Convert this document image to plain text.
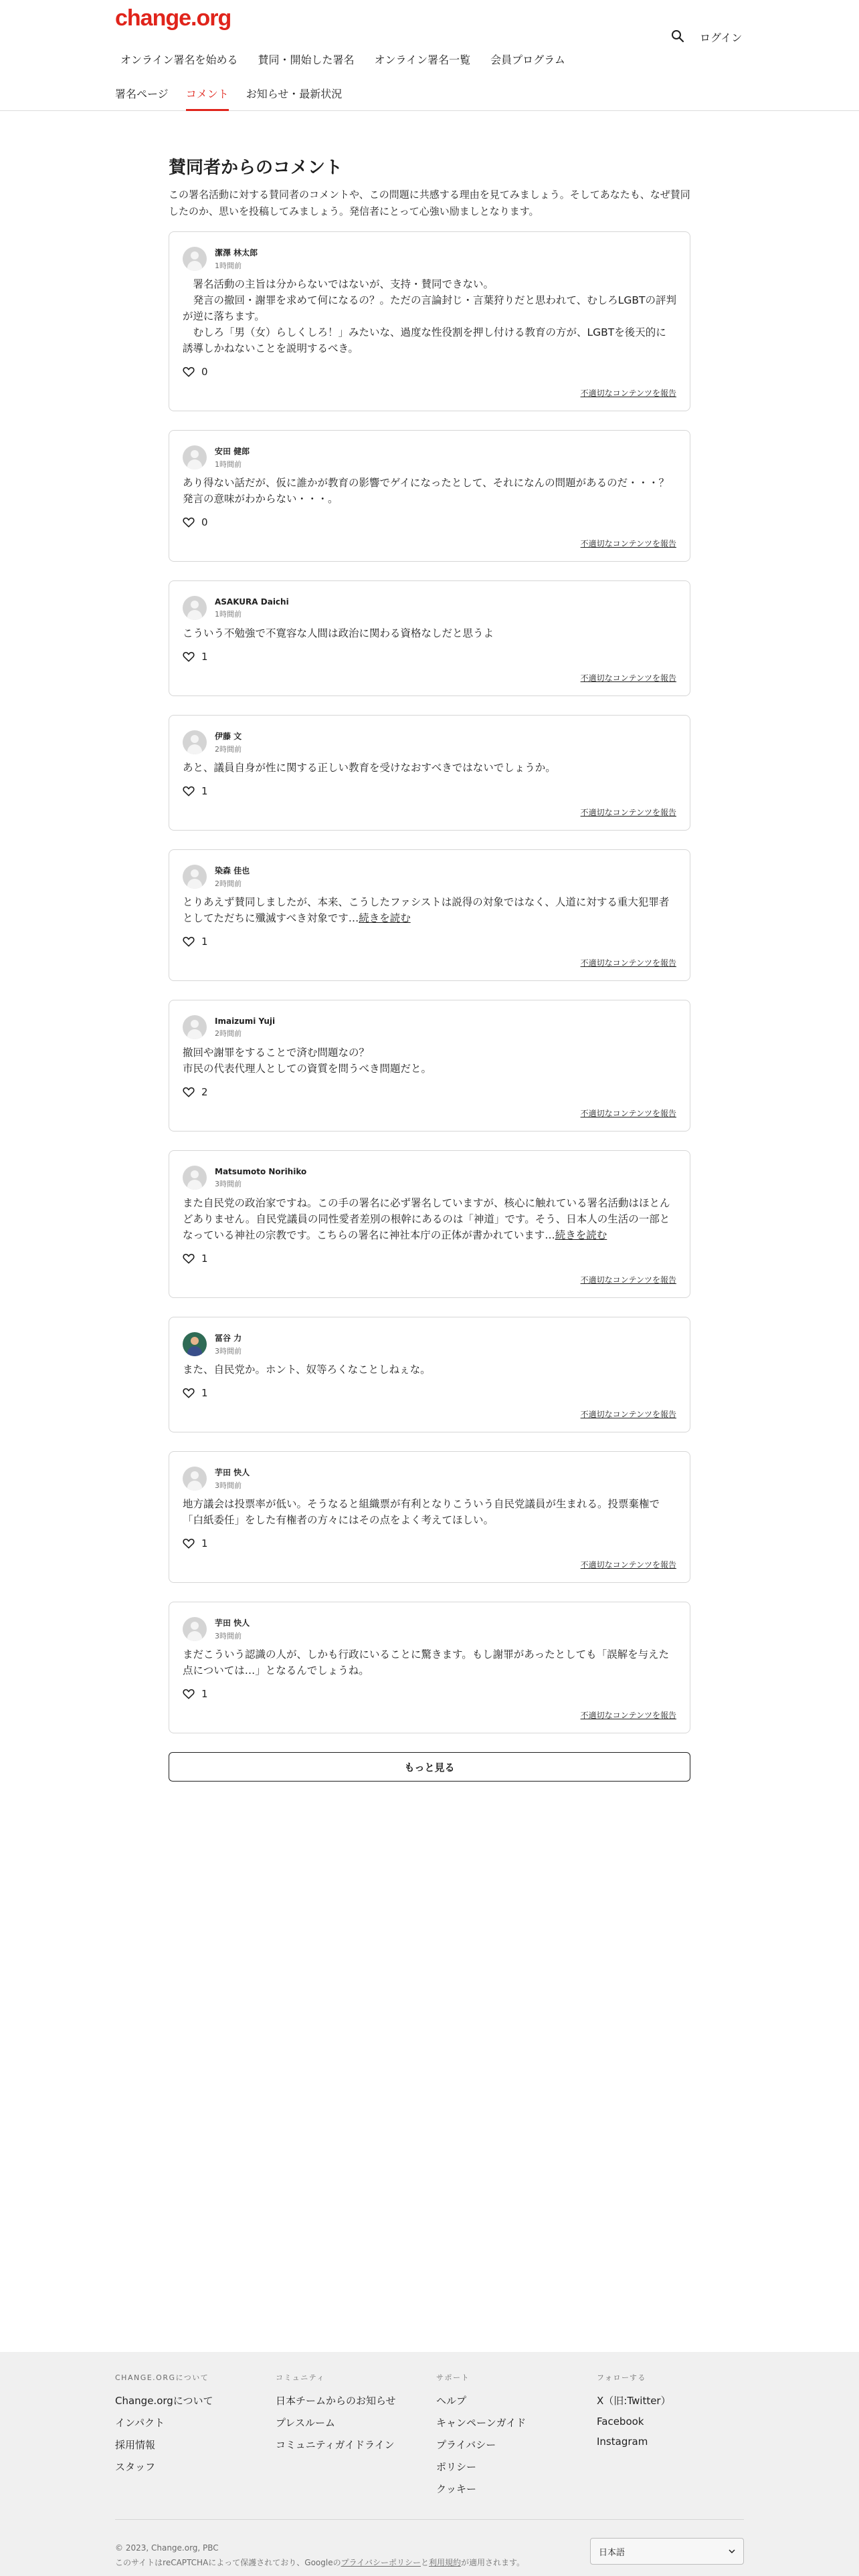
change.org
オンライン署名を始める 賛同・開始した署名 オンライン署名一覧 会員プログラム
ログイン
署名ページ コメント お知らせ・最新状況
賛同者からのコメント

この署名活動に対する賛同者のコメントや、この問題に共感する理由を見てみましょう。そしてあなたも、なぜ賛同したのか、思いを投稿してみましょう。発信者にとって心強い励ましとなります。

潔澤 林太郎
1時間前
　署名活動の主旨は分からないではないが、支持・賛同できない。
　発言の撤回・謝罪を求めて何になるの？。ただの言論封じ・言葉狩りだと思われて、むしろLGBTの評判が逆に落ちます。
　むしろ「男（女）らしくしろ！」みたいな、過度な性役割を押し付ける教育の方が、LGBTを後天的に誘導しかねないことを説明するべき。
0
不適切なコンテンツを報告
安田 健郎
1時間前
あり得ない話だが、仮に誰かが教育の影響でゲイになったとして、それになんの問題があるのだ・・・？　発言の意味がわからない・・・。
0
不適切なコンテンツを報告
ASAKURA Daichi
1時間前
こういう不勉強で不寛容な人間は政治に関わる資格なしだと思うよ
1
不適切なコンテンツを報告
伊藤 文
2時間前
あと、議員自身が性に関する正しい教育を受けなおすべきではないでしょうか。
1
不適切なコンテンツを報告
染森 佳也
2時間前
とりあえず賛同しましたが、本来、こうしたファシストは説得の対象ではなく、人道に対する重大犯罪者としてただちに殲滅すべき対象です…続きを読む
1
不適切なコンテンツを報告
Imaizumi Yuji
2時間前
撤回や謝罪をすることで済む問題なの？
市民の代表代理人としての資質を問うべき問題だと。
2
不適切なコンテンツを報告
Matsumoto Norihiko
3時間前
また自民党の政治家ですね。この手の署名に必ず署名していますが、核心に触れている署名活動はほとんどありません。自民党議員の同性愛者差別の根幹にあるのは「神道」です。そう、日本人の生活の一部となっている神社の宗教です。こちらの署名に神社本庁の正体が書かれています…続きを読む
1
不適切なコンテンツを報告
冨谷 力
3時間前
また、自民党か。ホント、奴等ろくなことしねぇな。
1
不適切なコンテンツを報告
芋田 快人
3時間前
地方議会は投票率が低い。そうなると組織票が有利となりこういう自民党議員が生まれる。投票棄権で「白紙委任」をした有権者の方々にはその点をよく考えてほしい。
1
不適切なコンテンツを報告
芋田 快人
3時間前
まだこういう認識の人が、しかも行政にいることに驚きます。もし謝罪があったとしても「誤解を与えた点については…」となるんでしょうね。
1
不適切なコンテンツを報告
もっと見る
CHANGE.ORGについて
Change.orgについて
インパクト
採用情報
スタッフ
コミュニティ
日本チームからのお知らせ
プレスルーム
コミュニティガイドライン
サポート
ヘルプ
キャンペーンガイド
プライバシー
ポリシー
クッキー
フォローする
X（旧:Twitter）
Facebook
Instagram
© 2023, Change.org, PBC
このサイトはreCAPTCHAによって保護されており、Googleのプライバシーポリシーと利用規約が適用されます。
日本語
